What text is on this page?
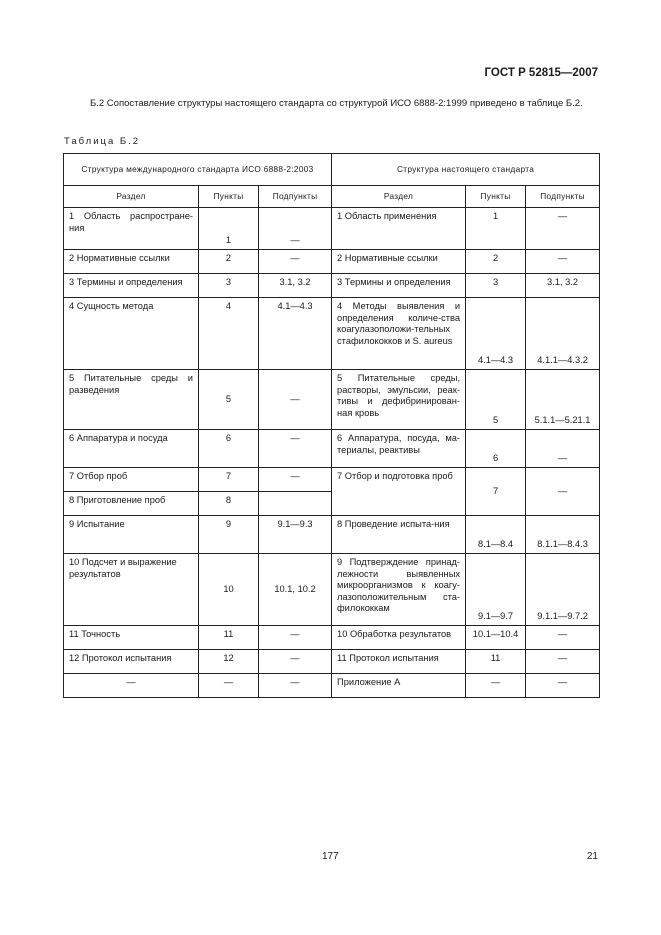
ГОСТ Р 52815—2007

Б.2 Сопоставление структуры настоящего стандарта со структурой ИСО 6888-2:1999 приведено в таблице Б.2.

Таблица Б.2
Структура международного стандарта ИСО 6888-2:2003			Структура настоящего стандарта		
Раздел	Пункты	Подпункты	Раздел	Пункты	Подпункты
1 Область распростране-ния	1	—	1 Область применения	1	—
2 Нормативные ссылки	2	—	2 Нормативные ссылки	2	—
3 Термины и определения	3	3.1, 3.2	3 Термины и определения	3	3.1, 3.2
4 Сущность метода	4	4.1—4.3	4 Методы выявления и определения количе-ства коагулазоположи-тельных стафилококков и S. aureus	4.1—4.3	4.1.1—4.3.2
5 Питательные среды и разведения	5	—	5 Питательные среды, растворы, эмульсии, реак-тивы и дефибринирован-ная кровь	5	5.1.1—5.21.1
6 Аппаратура и посуда	6	—	6 Аппаратура, посуда, ма-териалы, реактивы	6	—
7 Отбор проб	7	—	7 Отбор и подготовка проб	7	—
8 Приготовление проб	8				
9 Испытание	9	9.1—9.3	8 Проведение испыта-ния	8.1—8.4	8.1.1—8.4.3
10 Подсчет и выражение результатов	10	10.1, 10.2	9 Подтверждение принад-лежности выявленных микроорганизмов к коагу-лазоположительным ста-филококкам	9.1—9.7	9.1.1—9.7.2
11 Точность	11	—	10 Обработка результатов	10.1—10.4	—
12 Протокол испытания	12	—	11 Протокол испытания	11	—
—	—	—	Приложение А	—	—
177	21
